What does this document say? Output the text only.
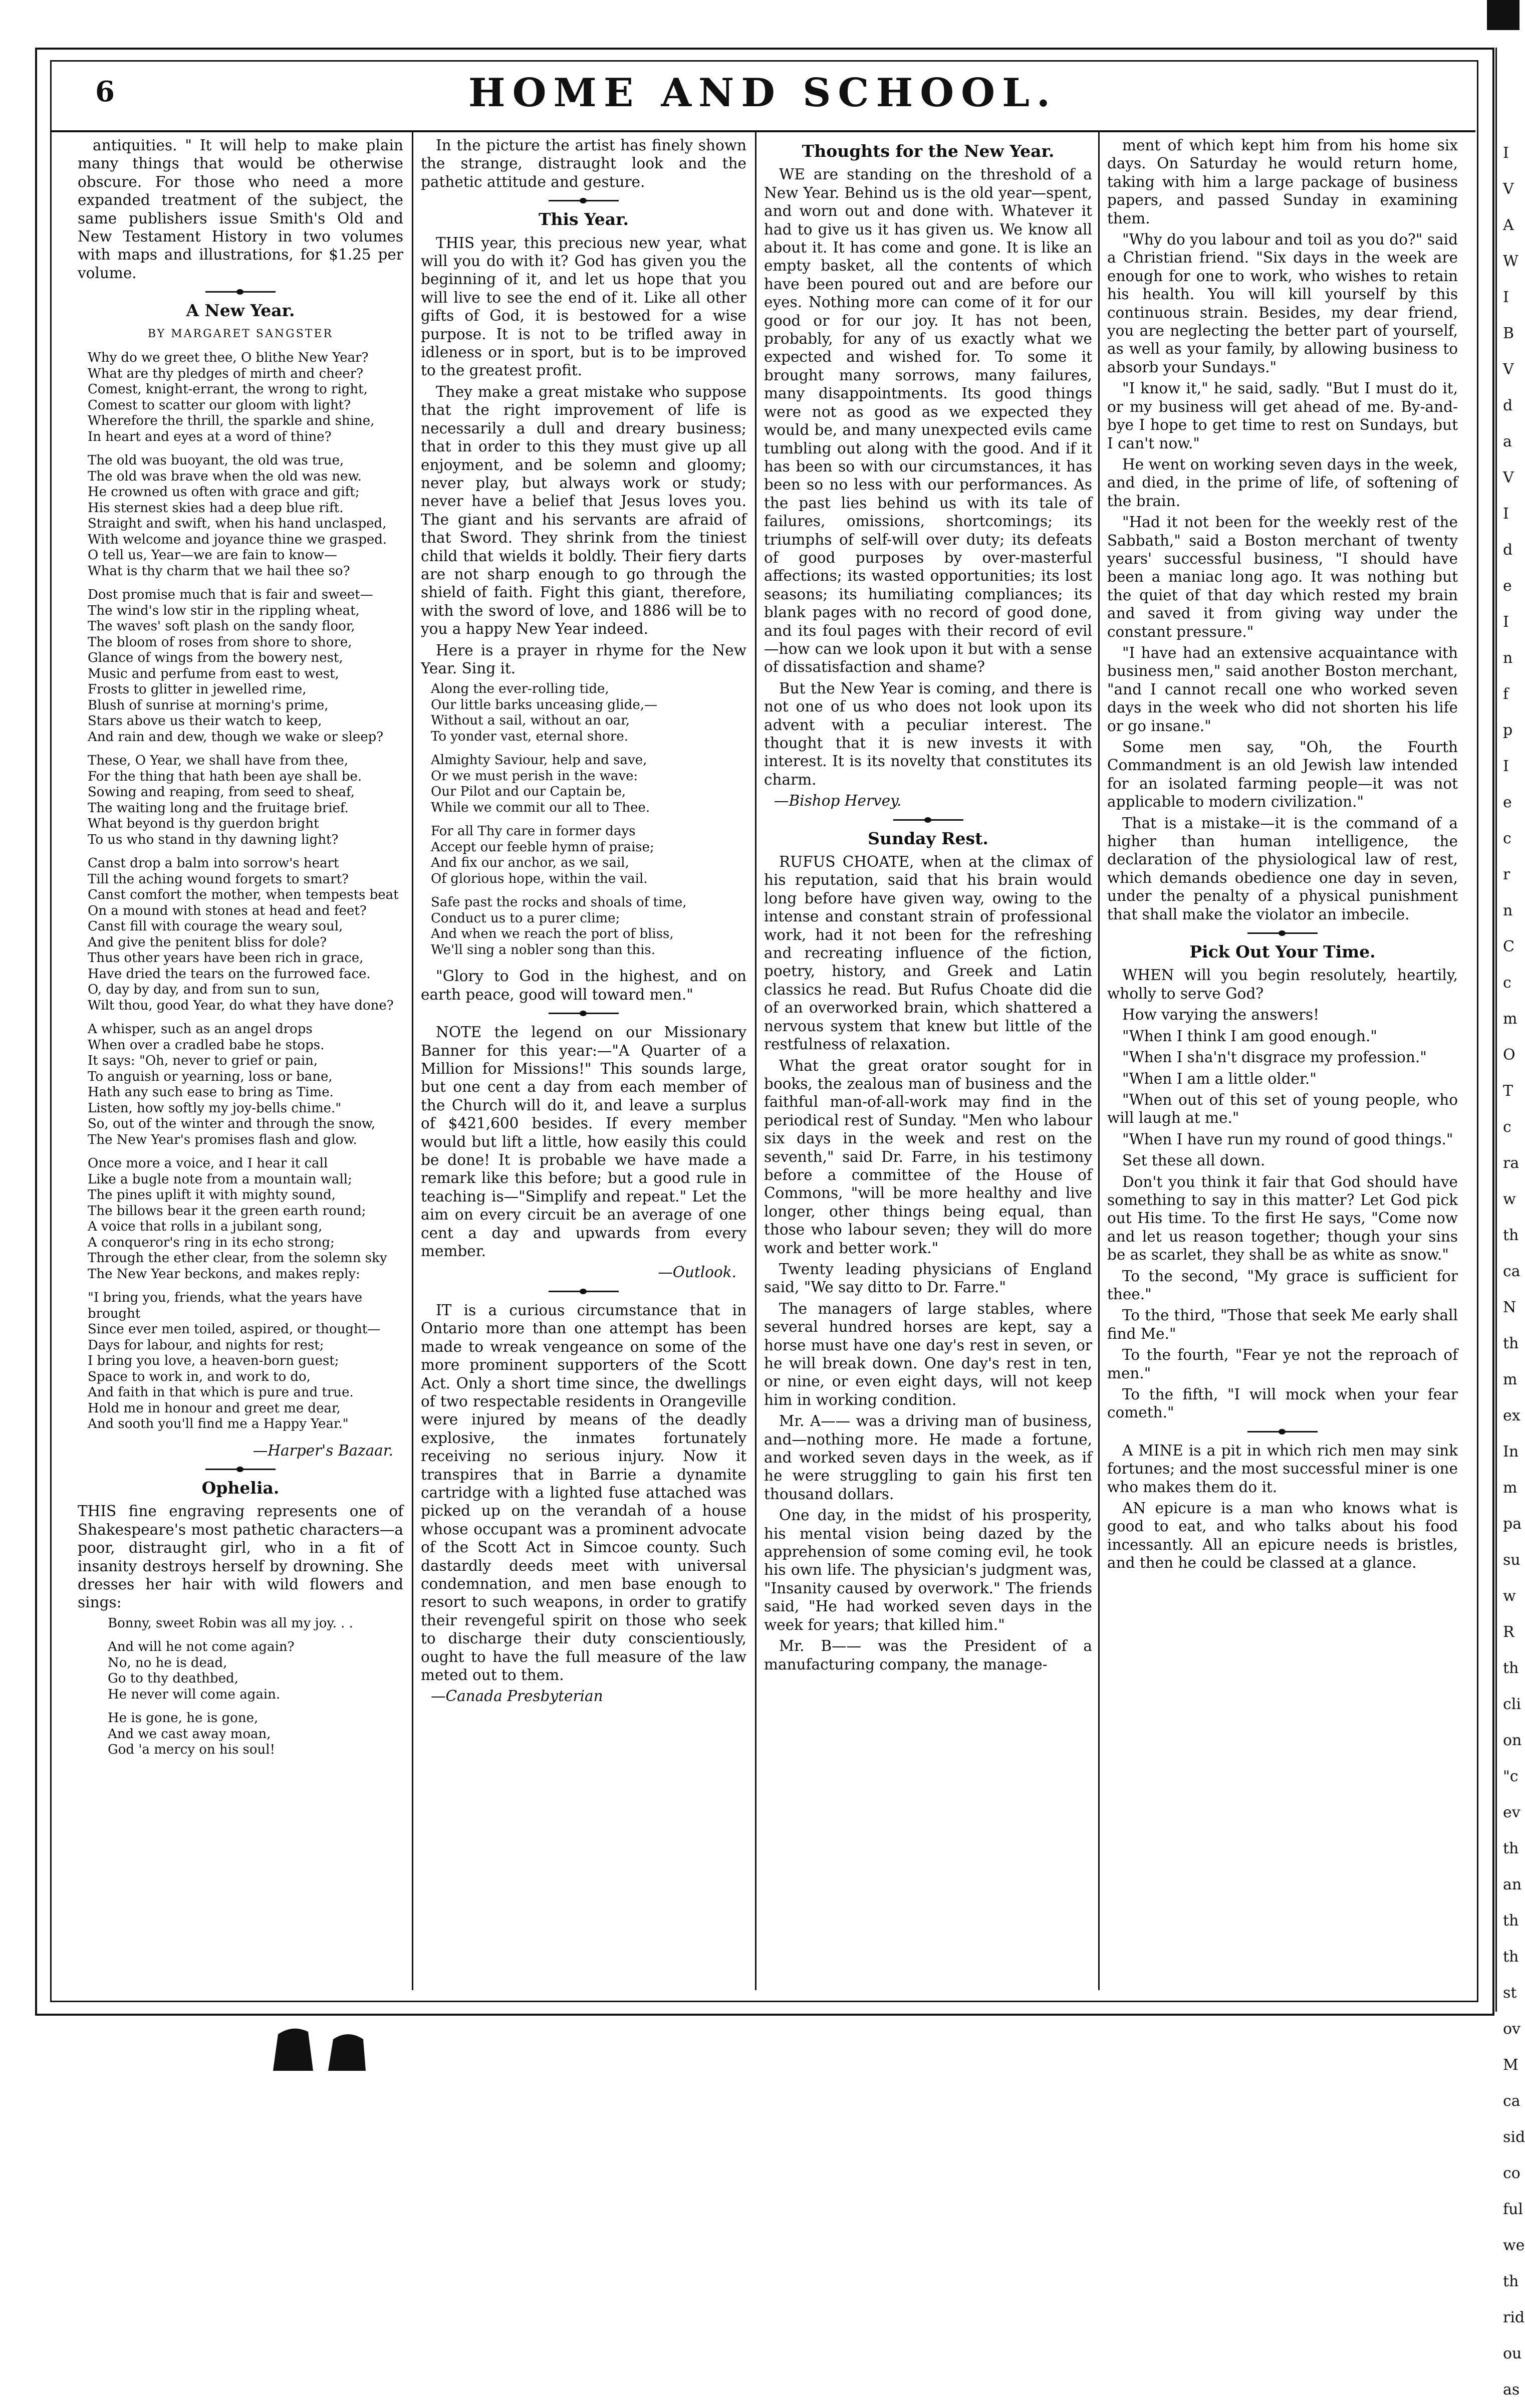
6	HOME AND SCHOOL.

antiquities. " It will help to make plain many things that would be otherwise obscure. For those who need a more expanded treatment of the subject, the same publishers issue Smith's Old and New Testament History in two volumes with maps and illustrations, for $1.25 per volume.

A New Year.
BY MARGARET SANGSTER
Why do we greet thee, O blithe New Year?
What are thy pledges of mirth and cheer?
Comest, knight-errant, the wrong to right,
Comest to scatter our gloom with light?
Wherefore the thrill, the sparkle and shine,
In heart and eyes at a word of thine?
The old was buoyant, the old was true,
The old was brave when the old was new.
He crowned us often with grace and gift;
His sternest skies had a deep blue rift.
Straight and swift, when his hand unclasped,
With welcome and joyance thine we grasped.
O tell us, Year—we are fain to know—
What is thy charm that we hail thee so?
Dost promise much that is fair and sweet—
The wind's low stir in the rippling wheat,
The waves' soft plash on the sandy floor,
The bloom of roses from shore to shore,
Glance of wings from the bowery nest,
Music and perfume from east to west,
Frosts to glitter in jewelled rime,
Blush of sunrise at morning's prime,
Stars above us their watch to keep,
And rain and dew, though we wake or sleep?
These, O Year, we shall have from thee,
For the thing that hath been aye shall be.
Sowing and reaping, from seed to sheaf,
The waiting long and the fruitage brief.
What beyond is thy guerdon bright
To us who stand in thy dawning light?
Canst drop a balm into sorrow's heart
Till the aching wound forgets to smart?
Canst comfort the mother, when tempests beat
On a mound with stones at head and feet?
Canst fill with courage the weary soul,
And give the penitent bliss for dole?
Thus other years have been rich in grace,
Have dried the tears on the furrowed face.
O, day by day, and from sun to sun,
Wilt thou, good Year, do what they have done?
A whisper, such as an angel drops
When over a cradled babe he stops.
It says: "Oh, never to grief or pain,
To anguish or yearning, loss or bane,
Hath any such ease to bring as Time.
Listen, how softly my joy-bells chime."
So, out of the winter and through the snow,
The New Year's promises flash and glow.
Once more a voice, and I hear it call
Like a bugle note from a mountain wall;
The pines uplift it with mighty sound,
The billows bear it the green earth round;
A voice that rolls in a jubilant song,
A conqueror's ring in its echo strong;
Through the ether clear, from the solemn sky
The New Year beckons, and makes reply:
"I bring you, friends, what the years have brought
Since ever men toiled, aspired, or thought—
Days for labour, and nights for rest;
I bring you love, a heaven-born guest;
Space to work in, and work to do,
And faith in that which is pure and true.
Hold me in honour and greet me dear,
And sooth you'll find me a Happy Year."
—Harper's Bazaar.
Ophelia.

THIS fine engraving represents one of Shakespeare's most pathetic characters—a poor, distraught girl, who in a fit of insanity destroys herself by drowning. She dresses her hair with wild flowers and sings:

Bonny, sweet Robin was all my joy. . .
And will he not come again?
No, no he is dead,
Go to thy deathbed,
He never will come again.
He is gone, he is gone,
And we cast away moan,
God 'a mercy on his soul!

In the picture the artist has finely shown the strange, distraught look and the pathetic attitude and gesture.

This Year.

THIS year, this precious new year, what will you do with it? God has given you the beginning of it, and let us hope that you will live to see the end of it. Like all other gifts of God, it is bestowed for a wise purpose. It is not to be trifled away in idleness or in sport, but is to be improved to the greatest profit.

They make a great mistake who suppose that the right improvement of life is necessarily a dull and dreary business; that in order to this they must give up all enjoyment, and be solemn and gloomy; never play, but always work or study; never have a belief that Jesus loves you. The giant and his servants are afraid of that Sword. They shrink from the tiniest child that wields it boldly. Their fiery darts are not sharp enough to go through the shield of faith. Fight this giant, therefore, with the sword of love, and 1886 will be to you a happy New Year indeed.

Here is a prayer in rhyme for the New Year. Sing it.

Along the ever-rolling tide,
Our little barks unceasing glide,—
Without a sail, without an oar,
To yonder vast, eternal shore.
Almighty Saviour, help and save,
Or we must perish in the wave:
Our Pilot and our Captain be,
While we commit our all to Thee.
For all Thy care in former days
Accept our feeble hymn of praise;
And fix our anchor, as we sail,
Of glorious hope, within the vail.
Safe past the rocks and shoals of time,
Conduct us to a purer clime;
And when we reach the port of bliss,
We'll sing a nobler song than this.

"Glory to God in the highest, and on earth peace, good will toward men."

NOTE the legend on our Missionary Banner for this year:—"A Quarter of a Million for Missions!" This sounds large, but one cent a day from each member of the Church will do it, and leave a surplus of $421,600 besides. If every member would but lift a little, how easily this could be done! It is probable we have made a remark like this before; but a good rule in teaching is—"Simplify and repeat." Let the aim on every circuit be an average of one cent a day and upwards from every member.

—Outlook.

IT is a curious circumstance that in Ontario more than one attempt has been made to wreak vengeance on some of the more prominent supporters of the Scott Act. Only a short time since, the dwellings of two respectable residents in Orangeville were injured by means of the deadly explosive, the inmates fortunately receiving no serious injury. Now it transpires that in Barrie a dynamite cartridge with a lighted fuse attached was picked up on the verandah of a house whose occupant was a prominent advocate of the Scott Act in Simcoe county. Such dastardly deeds meet with universal condemnation, and men base enough to resort to such weapons, in order to gratify their revengeful spirit on those who seek to discharge their duty conscientiously, ought to have the full measure of the law meted out to them.

—Canada Presbyterian
Thoughts for the New Year.

WE are standing on the threshold of a New Year. Behind us is the old year—spent, and worn out and done with. Whatever it had to give us it has given us. We know all about it. It has come and gone. It is like an empty basket, all the contents of which have been poured out and are before our eyes. Nothing more can come of it for our good or for our joy. It has not been, probably, for any of us exactly what we expected and wished for. To some it brought many sorrows, many failures, many disappointments. Its good things were not as good as we expected they would be, and many unexpected evils came tumbling out along with the good. And if it has been so with our circumstances, it has been so no less with our performances. As the past lies behind us with its tale of failures, omissions, shortcomings; its triumphs of self-will over duty; its defeats of good purposes by over-masterful affections; its wasted opportunities; its lost seasons; its humiliating compliances; its blank pages with no record of good done, and its foul pages with their record of evil—how can we look upon it but with a sense of dissatisfaction and shame?

But the New Year is coming, and there is not one of us who does not look upon its advent with a peculiar interest. The thought that it is new invests it with interest. It is its novelty that constitutes its charm.

—Bishop Hervey.
Sunday Rest.

RUFUS CHOATE, when at the climax of his reputation, said that his brain would long before have given way, owing to the intense and constant strain of professional work, had it not been for the refreshing and recreating influence of the fiction, poetry, history, and Greek and Latin classics he read. But Rufus Choate did die of an overworked brain, which shattered a nervous system that knew but little of the restfulness of relaxation.

What the great orator sought for in books, the zealous man of business and the faithful man-of-all-work may find in the periodical rest of Sunday. "Men who labour six days in the week and rest on the seventh," said Dr. Farre, in his testimony before a committee of the House of Commons, "will be more healthy and live longer, other things being equal, than those who labour seven; they will do more work and better work."

Twenty leading physicians of England said, "We say ditto to Dr. Farre."

The managers of large stables, where several hundred horses are kept, say a horse must have one day's rest in seven, or he will break down. One day's rest in ten, or nine, or even eight days, will not keep him in working condition.

Mr. A—— was a driving man of business, and—nothing more. He made a fortune, and worked seven days in the week, as if he were struggling to gain his first ten thousand dollars.

One day, in the midst of his prosperity, his mental vision being dazed by the apprehension of some coming evil, he took his own life. The physician's judgment was, "Insanity caused by overwork." The friends said, "He had worked seven days in the week for years; that killed him."

Mr. B—— was the President of a manufacturing company, the manage-

ment of which kept him from his home six days. On Saturday he would return home, taking with him a large package of business papers, and passed Sunday in examining them.

"Why do you labour and toil as you do?" said a Christian friend. "Six days in the week are enough for one to work, who wishes to retain his health. You will kill yourself by this continuous strain. Besides, my dear friend, you are neglecting the better part of yourself, as well as your family, by allowing business to absorb your Sundays."

"I know it," he said, sadly. "But I must do it, or my business will get ahead of me. By-and-bye I hope to get time to rest on Sundays, but I can't now."

He went on working seven days in the week, and died, in the prime of life, of softening of the brain.

"Had it not been for the weekly rest of the Sabbath," said a Boston merchant of twenty years' successful business, "I should have been a maniac long ago. It was nothing but the quiet of that day which rested my brain and saved it from giving way under the constant pressure."

"I have had an extensive acquaintance with business men," said another Boston merchant, "and I cannot recall one who worked seven days in the week who did not shorten his life or go insane."

Some men say, "Oh, the Fourth Commandment is an old Jewish law intended for an isolated farming people—it was not applicable to modern civilization."

That is a mistake—it is the command of a higher than human intelligence, the declaration of the physiological law of rest, which demands obedience one day in seven, under the penalty of a physical punishment that shall make the violator an imbecile.

Pick Out Your Time.

WHEN will you begin resolutely, heartily, wholly to serve God?

How varying the answers!

"When I think I am good enough."

"When I sha'n't disgrace my profession."

"When I am a little older."

"When out of this set of young people, who will laugh at me."

"When I have run my round of good things."

Set these all down.

Don't you think it fair that God should have something to say in this matter? Let God pick out His time. To the first He says, "Come now and let us reason together; though your sins be as scarlet, they shall be as white as snow."

To the second, "My grace is sufficient for thee."

To the third, "Those that seek Me early shall find Me."

To the fourth, "Fear ye not the reproach of men."

To the fifth, "I will mock when your fear cometh."

A MINE is a pit in which rich men may sink fortunes; and the most successful miner is one who makes them do it.

AN epicure is a man who knows what is good to eat, and who talks about his food incessantly. All an epicure needs is bristles, and then he could be classed at a glance.

I
V
A
W
I
B
V
d
a
V
I
d
e
I
n
f
p
I
e
c
r
n
C
c
m
O
T
c
ra
w
th
ca
N
th
m
ex
In
m
pa
su
w
R
th
cli
on
"c
ev
th
an
th
th
st
ov
M
ca
sid
co
ful
we
th
rid
ou
as
